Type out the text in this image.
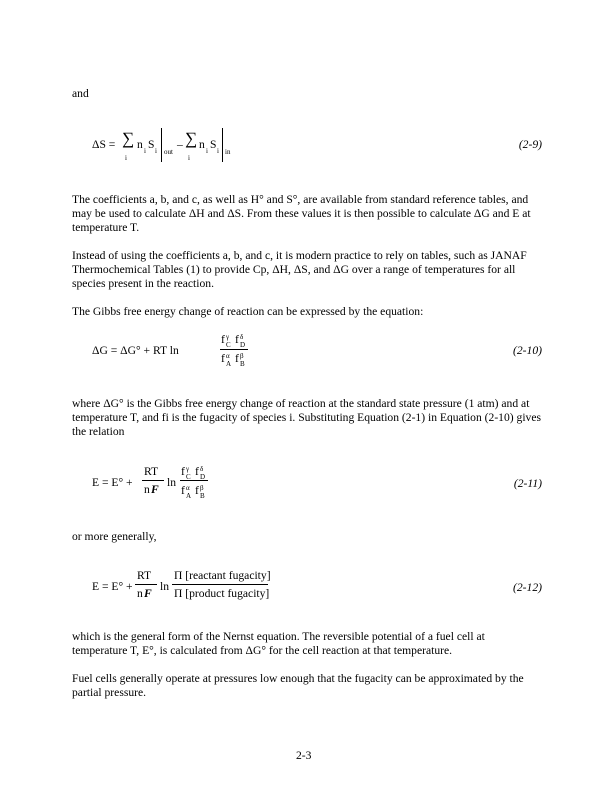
and
ΔS = ∑
i
n i S i out
– ∑
i
n i S i in
(2-9)

The coefficients a, b, and c, as well as H° and S°, are available from standard reference tables, and may be used to calculate ΔH and ΔS. From these values it is then possible to calculate ΔG and E at temperature T.

Instead of using the coefficients a, b, and c, it is modern practice to rely on tables, such as JANAF Thermochemical Tables (1) to provide Cp, ΔH, ΔS, and ΔG over a range of temperatures for all species present in the reaction.

The Gibbs free energy change of reaction can be expressed by the equation:

ΔG = ΔG° + RT ln
f γ
C f δ
D
f α
A f β
B
(2-10)

where ΔG° is the Gibbs free energy change of reaction at the standard state pressure (1 atm) and at temperature T, and fi is the fugacity of species i. Substituting Equation (2-1) in Equation (2-10) gives the relation

E = E° +
RT
n F
ln
f γ
C f δ
D
f α
A f β
B
(2-11)

or more generally,

E = E° +
RT
n F
ln
Π [reactant fugacity]
Π [product fugacity]	(2-12)

which is the general form of the Nernst equation. The reversible potential of a fuel cell at temperature T, E°, is calculated from ΔG° for the cell reaction at that temperature.

Fuel cells generally operate at pressures low enough that the fugacity can be approximated by the partial pressure.

2-3
